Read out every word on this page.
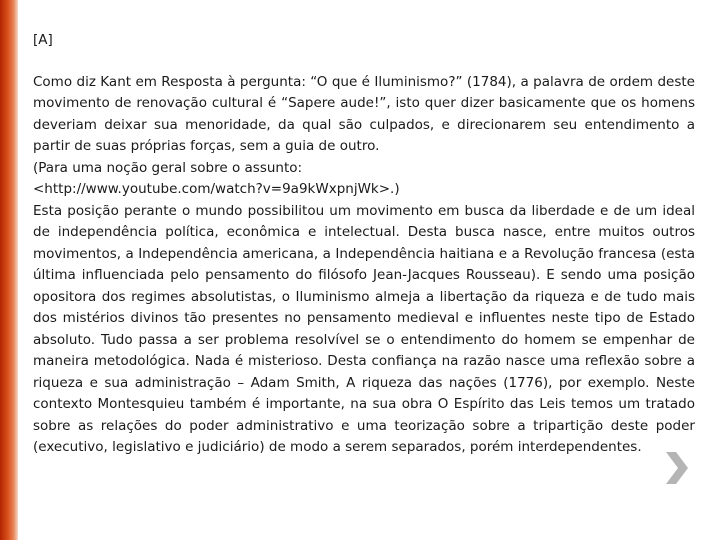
[A]

Como diz Kant em Resposta à pergunta: “O que é Iluminismo?” (1784), a palavra de ordem deste movimento de renovação cultural é “Sapere aude!”, isto quer dizer basicamente que os homens deveriam deixar sua menoridade, da qual são culpados, e direcionarem seu entendimento a partir de suas próprias forças, sem a guia de outro.

(Para uma noção geral sobre o assunto:

<http://www.youtube.com/watch?v=9a9kWxpnjWk>.)

Esta posição perante o mundo possibilitou um movimento em busca da liberdade e de um ideal de independência política, econômica e intelectual. Desta busca nasce, entre muitos outros movimentos, a Independência americana, a Independência haitiana e a Revolução francesa (esta última influenciada pelo pensamento do filósofo Jean-Jacques Rousseau). E sendo uma posição opositora dos regimes absolutistas, o Iluminismo almeja a libertação da riqueza e de tudo mais dos mistérios divinos tão presentes no pensamento medieval e influentes neste tipo de Estado absoluto. Tudo passa a ser problema resolvível se o entendimento do homem se empenhar de maneira metodológica. Nada é misterioso. Desta confiança na razão nasce uma reflexão sobre a riqueza e sua administração – Adam Smith, A riqueza das nações (1776), por exemplo. Neste contexto Montesquieu também é importante, na sua obra O Espírito das Leis temos um tratado sobre as relações do poder administrativo e uma teorização sobre a tripartição deste poder (executivo, legislativo e judiciário) de modo a serem separados, porém interdependentes.
